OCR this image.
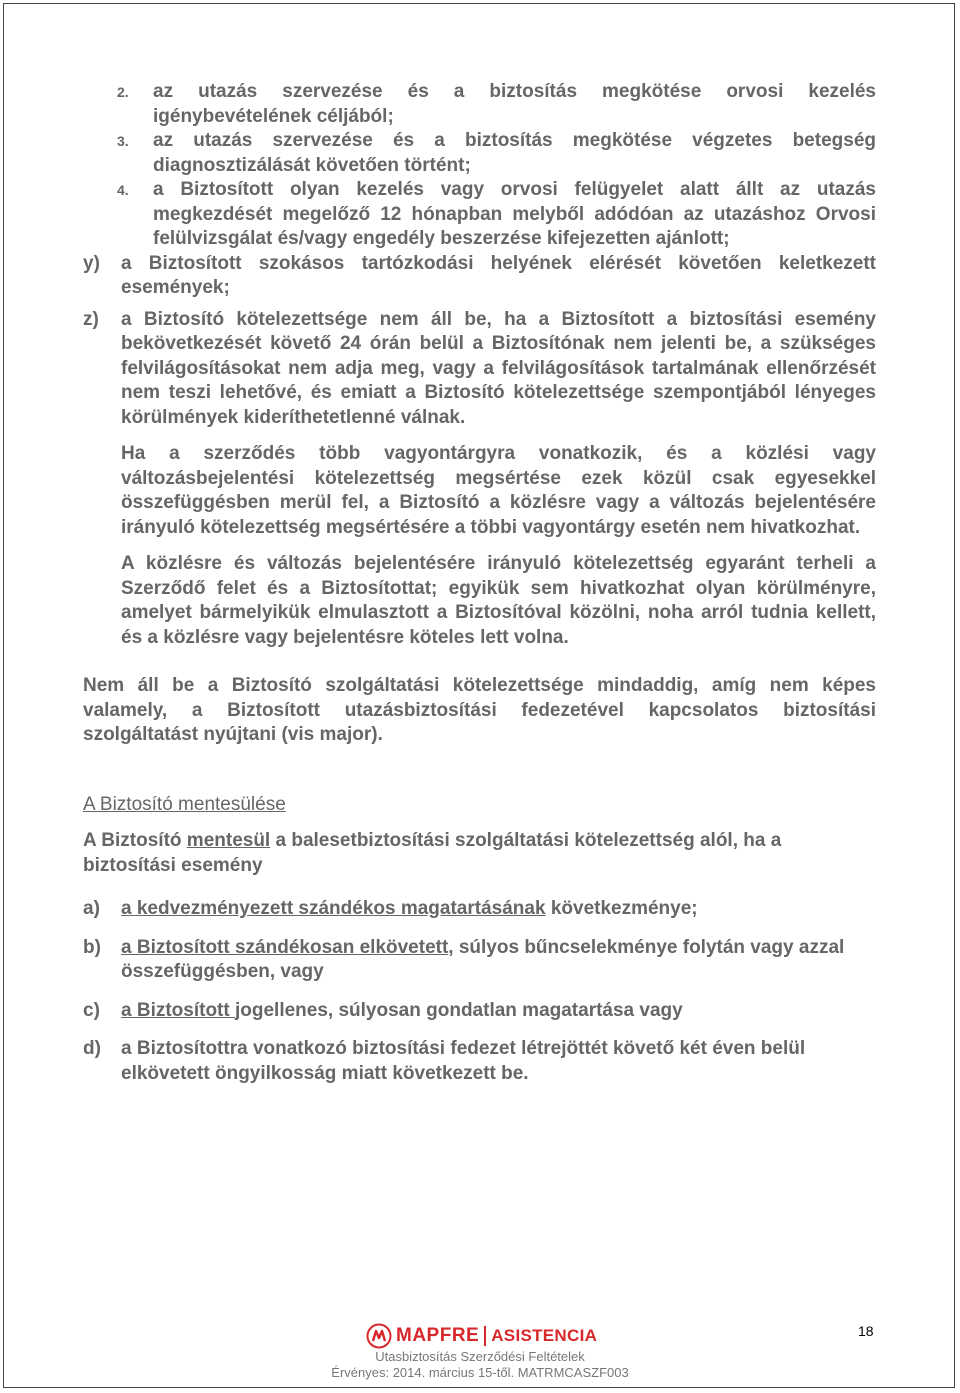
2.	az utazás szervezése és a biztosítás megkötése orvosi kezelés igénybevételének céljából;
3.	az utazás szervezése és a biztosítás megkötése végzetes betegség diagnosztizálását követően történt;
4.	a Biztosított olyan kezelés vagy orvosi felügyelet alatt állt az utazás megkezdését megelőző 12 hónapban melyből adódóan az utazáshoz Orvosi felülvizsgálat és/vagy engedély beszerzése kifejezetten ajánlott;
y)	a Biztosított szokásos tartózkodási helyének elérését követően keletkezett események;
z)	a Biztosító kötelezettsége nem áll be, ha a Biztosított a biztosítási esemény bekövetkezését követő 24 órán belül a Biztosítónak nem jelenti be, a szükséges felvilágosításokat nem adja meg, vagy a felvilágosítások tartalmának ellenőrzését nem teszi lehetővé, és emiatt a Biztosító kötelezettsége szempontjából lényeges körülmények kideríthetetlenné válnak.

Ha a szerződés több vagyontárgyra vonatkozik, és a közlési vagy változásbejelentési kötelezettség megsértése ezek közül csak egyesekkel összefüggésben merül fel, a Biztosító a közlésre vagy a változás bejelentésére irányuló kötelezettség megsértésére a többi vagyontárgy esetén nem hivatkozhat.

A közlésre és változás bejelentésére irányuló kötelezettség egyaránt terheli a Szerződő felet és a Biztosítottat; egyikük sem hivatkozhat olyan körülményre, amelyet bármelyikük elmulasztott a Biztosítóval közölni, noha arról tudnia kellett, és a közlésre vagy bejelentésre köteles lett volna.

Nem áll be a Biztosító szolgáltatási kötelezettsége mindaddig, amíg nem képes valamely, a Biztosított utazásbiztosítási fedezetével kapcsolatos biztosítási szolgáltatást nyújtani (vis major).

A Biztosító mentesülése

A Biztosító mentesül a balesetbiztosítási szolgáltatási kötelezettség alól, ha a biztosítási esemény

a)	a kedvezményezett szándékos magatartásának következménye;
b)	a Biztosított szándékosan elkövetett, súlyos bűncselekménye folytán vagy azzal összefüggésben, vagy
c)	a Biztosított jogellenes, súlyosan gondatlan magatartása vagy
d)	a Biztosítottra vonatkozó biztosítási fedezet létrejöttét követő két éven belül elkövetett öngyilkosság miatt következett be.
MAPFRE ASISTENCIA	18
Utasbiztosítás Szerződési Feltételek
Érvényes: 2014. március 15-től. MATRMCASZF003
